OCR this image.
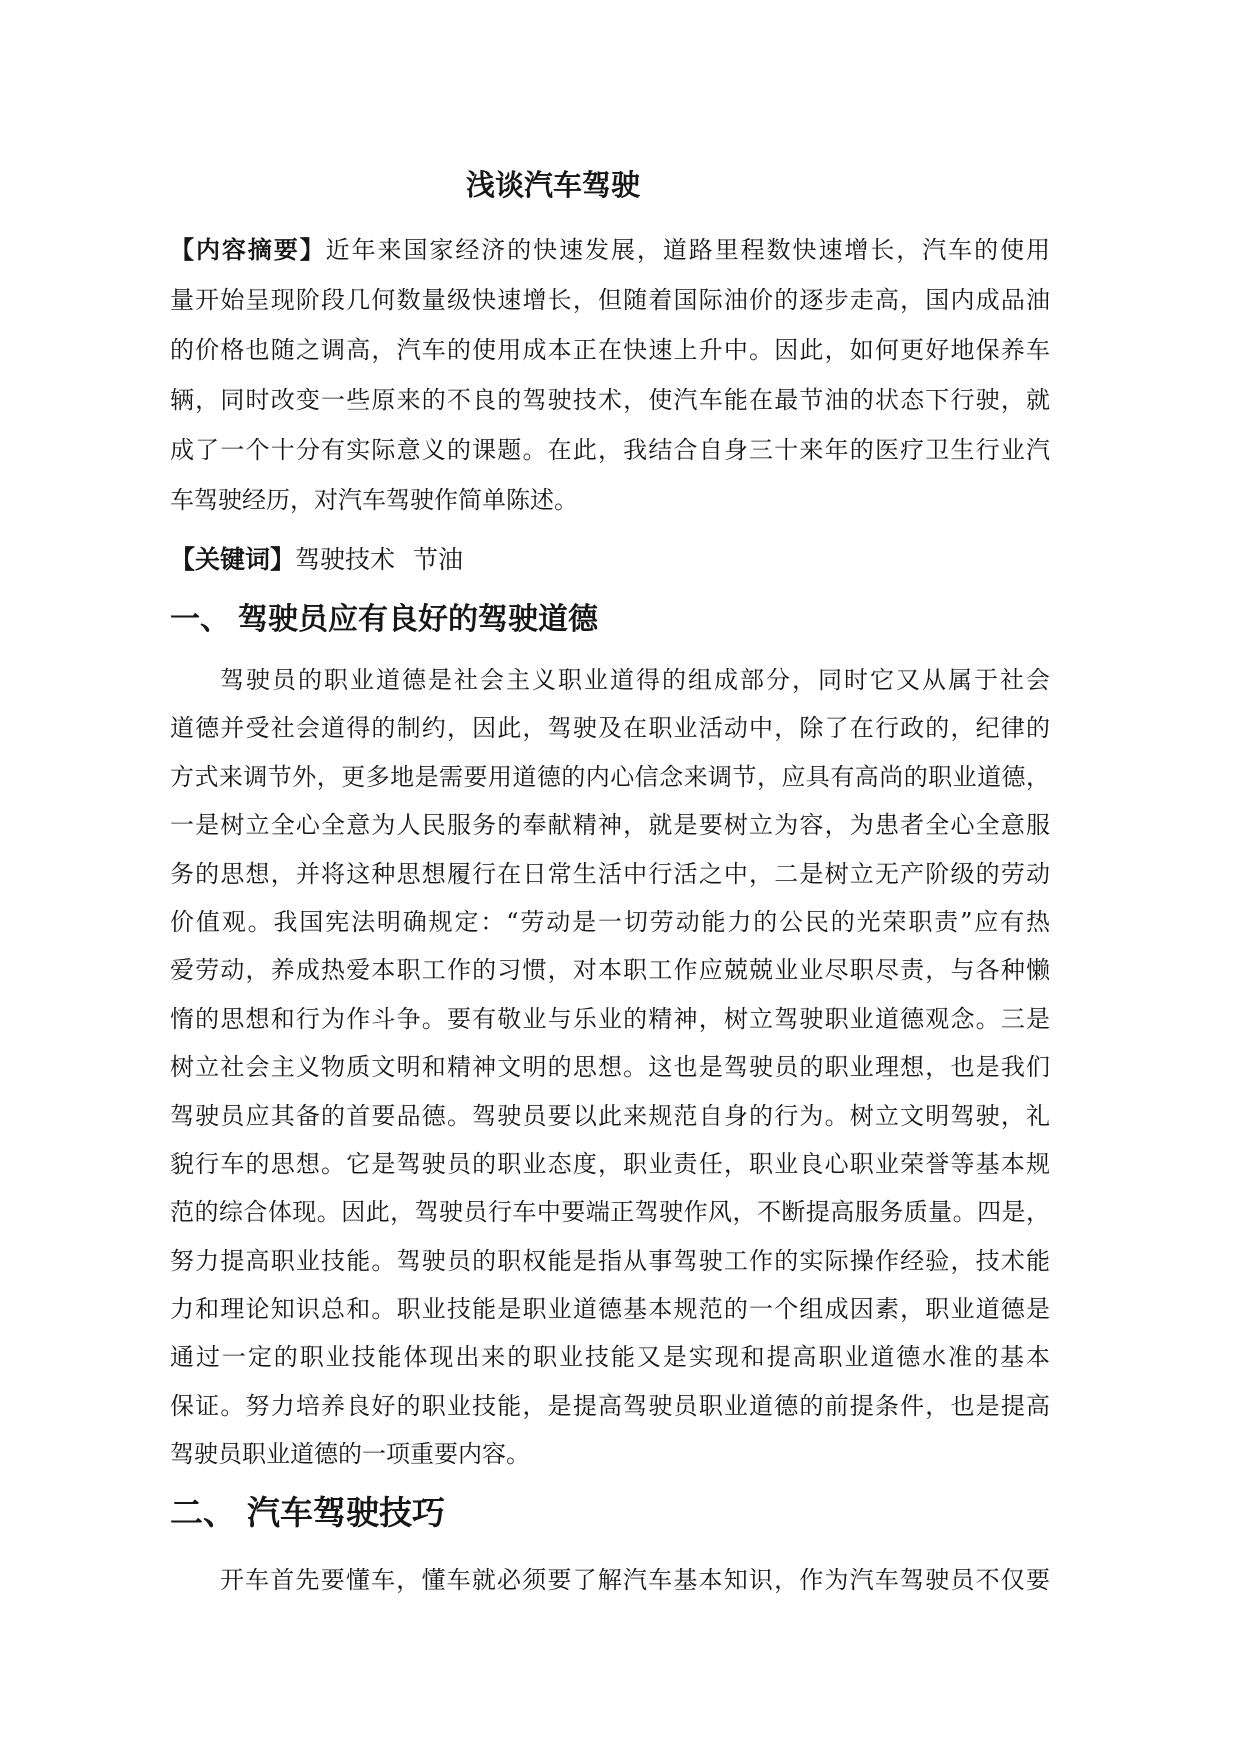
浅谈汽车驾驶
【内容摘要】近年来国家经济的快速发展，道路里程数快速增长，汽车的使用
量开始呈现阶段几何数量级快速增长，但随着国际油价的逐步走高，国内成品油
的价格也随之调高，汽车的使用成本正在快速上升中。因此，如何更好地保养车
辆，同时改变一些原来的不良的驾驶技术，使汽车能在最节油的状态下行驶，就
成了一个十分有实际意义的课题。在此，我结合自身三十来年的医疗卫生行业汽
车驾驶经历，对汽车驾驶作简单陈述。
【关键词】驾驶技术 节油
一、 驾驶员应有良好的驾驶道德
驾驶员的职业道德是社会主义职业道得的组成部分，同时它又从属于社会
道德并受社会道得的制约，因此，驾驶及在职业活动中，除了在行政的，纪律的
方式来调节外，更多地是需要用道德的内心信念来调节，应具有高尚的职业道德，
一是树立全心全意为人民服务的奉献精神，就是要树立为容，为患者全心全意服
务的思想，并将这种思想履行在日常生活中行活之中，二是树立无产阶级的劳动
价值观。我国宪法明确规定：“劳动是一切劳动能力的公民的光荣职责”应有热
爱劳动，养成热爱本职工作的习惯，对本职工作应兢兢业业尽职尽责，与各种懒
惰的思想和行为作斗争。要有敬业与乐业的精神，树立驾驶职业道德观念。三是
树立社会主义物质文明和精神文明的思想。这也是驾驶员的职业理想，也是我们
驾驶员应其备的首要品德。驾驶员要以此来规范自身的行为。树立文明驾驶，礼
貌行车的思想。它是驾驶员的职业态度，职业责任，职业良心职业荣誉等基本规
范的综合体现。因此，驾驶员行车中要端正驾驶作风，不断提高服务质量。四是，
努力提高职业技能。驾驶员的职权能是指从事驾驶工作的实际操作经验，技术能
力和理论知识总和。职业技能是职业道德基本规范的一个组成因素，职业道德是
通过一定的职业技能体现出来的职业技能又是实现和提高职业道德水准的基本
保证。努力培养良好的职业技能，是提高驾驶员职业道德的前提条件，也是提高
驾驶员职业道德的一项重要内容。
二、 汽车驾驶技巧
开车首先要懂车，懂车就必须要了解汽车基本知识，作为汽车驾驶员不仅要
